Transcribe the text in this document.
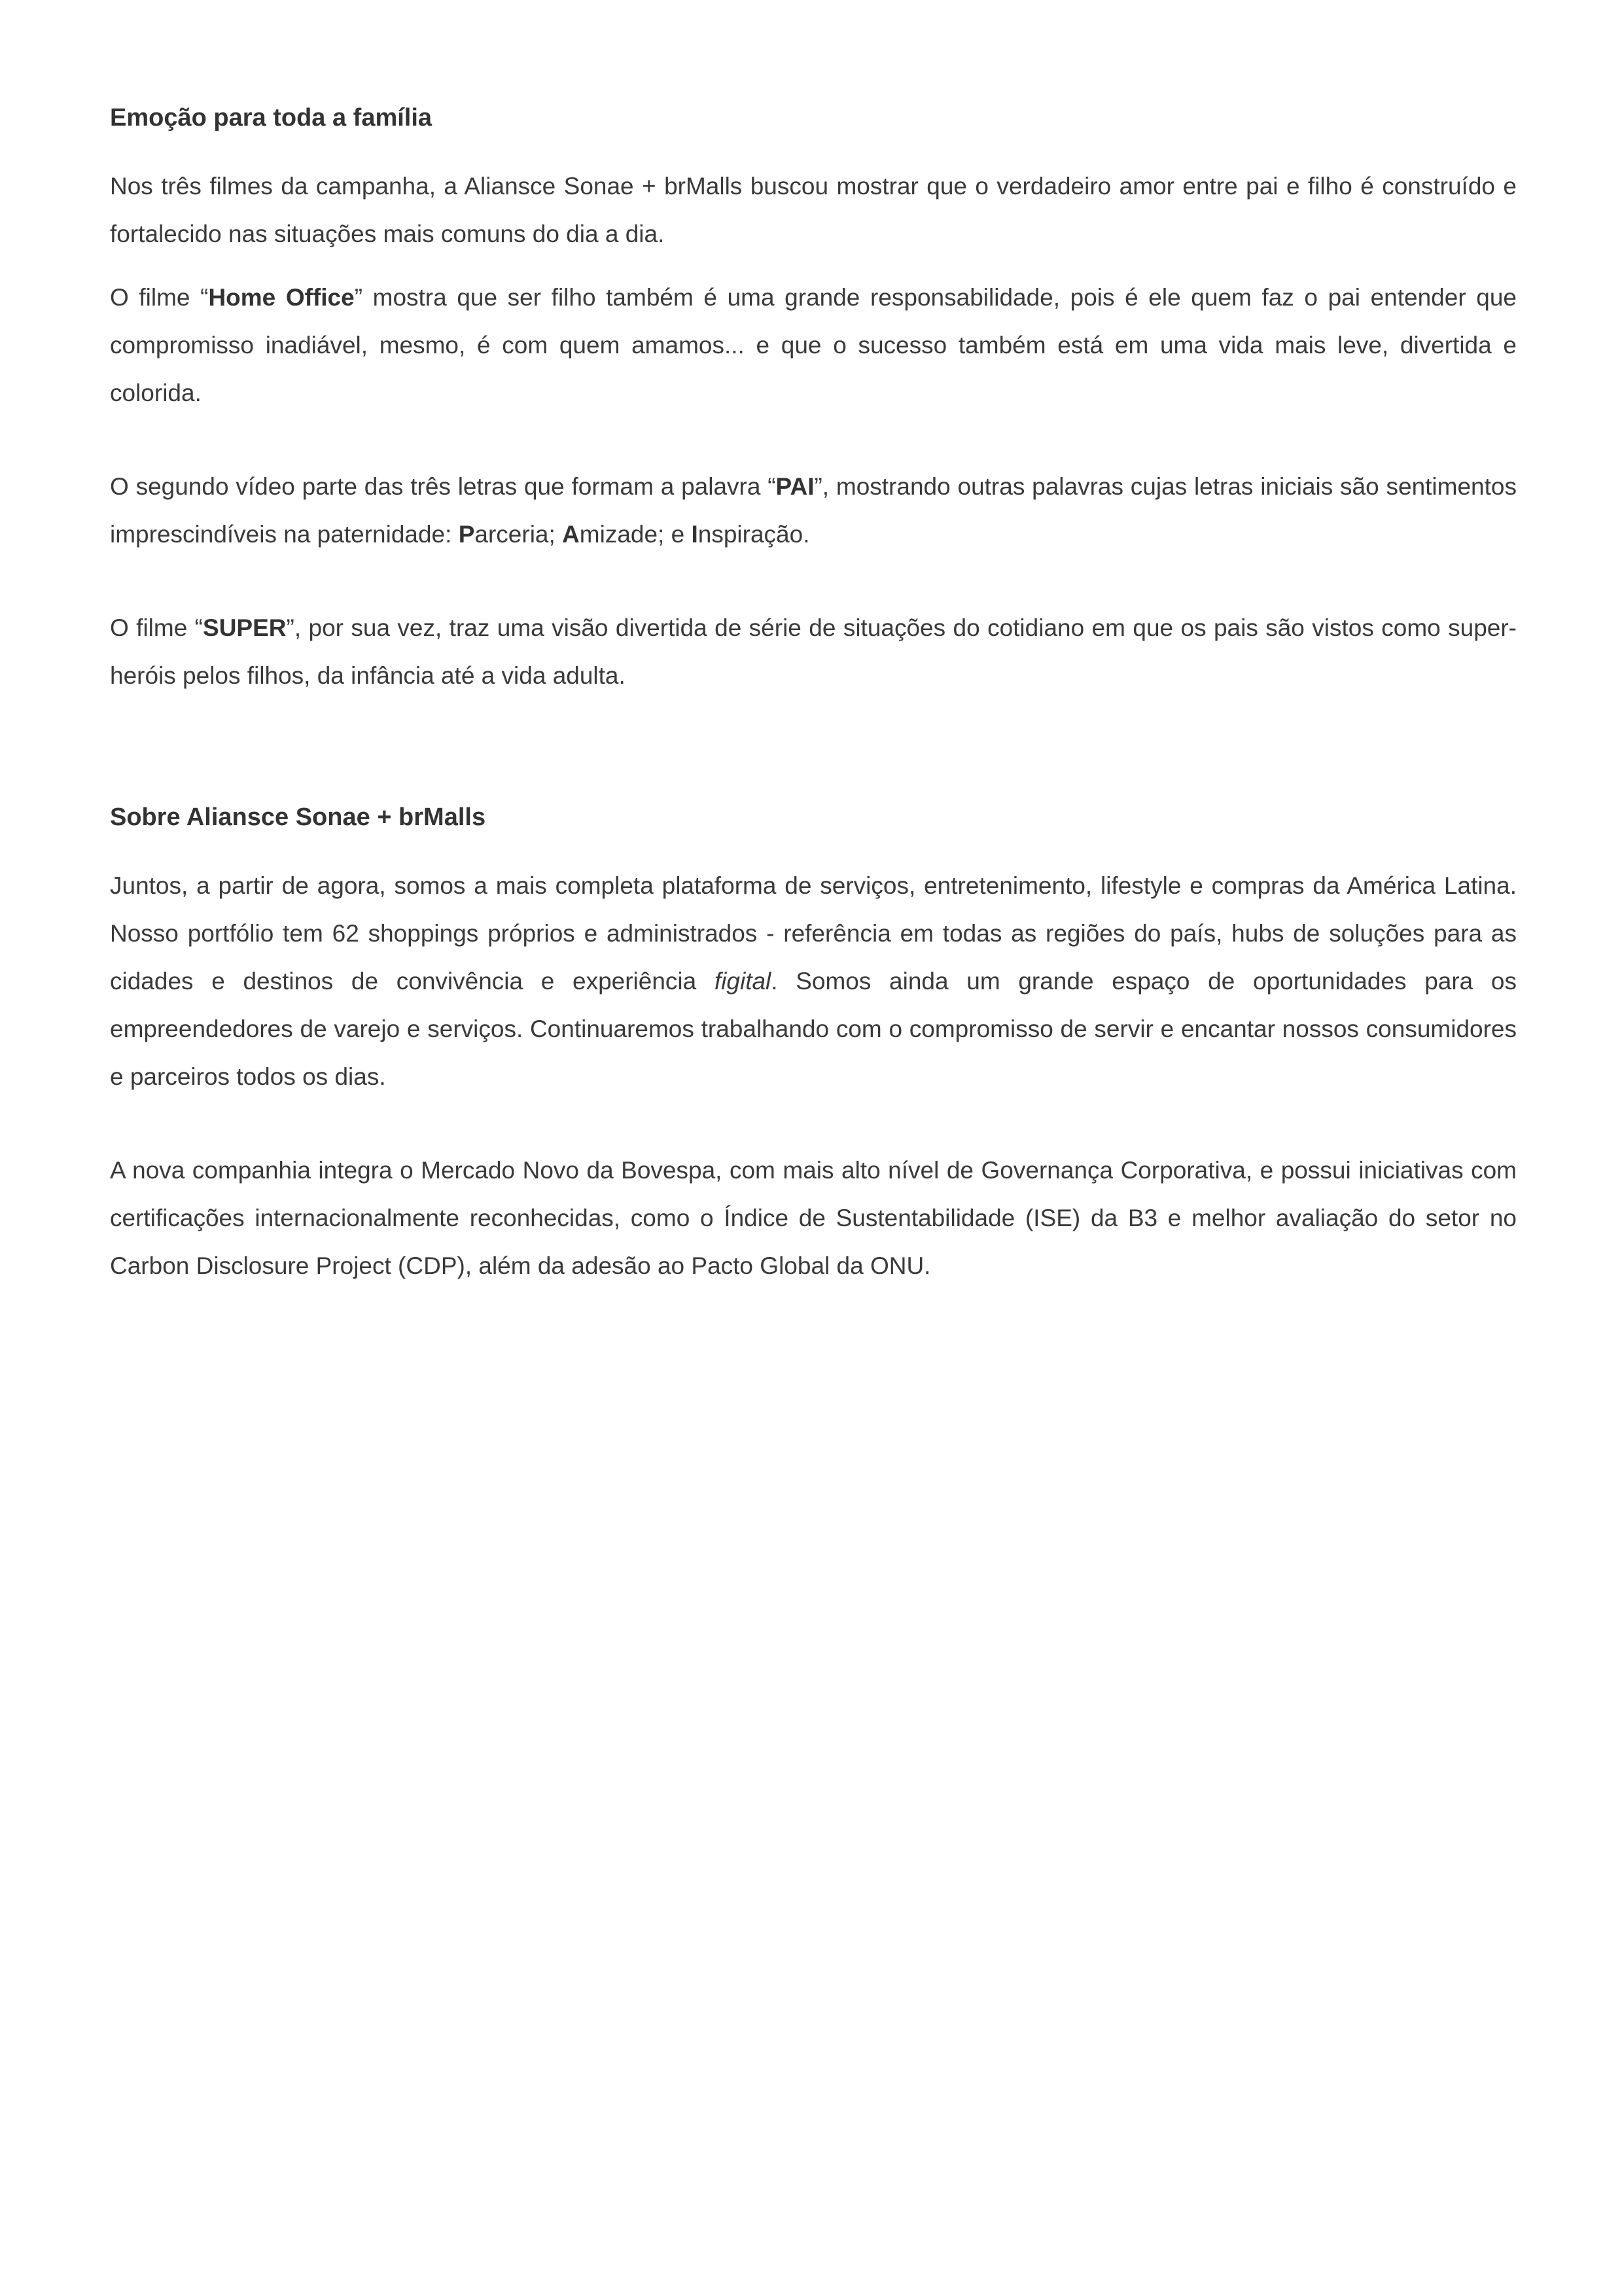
Emoção para toda a família

Nos três filmes da campanha, a Aliansce Sonae + brMalls buscou mostrar que o verdadeiro amor entre pai e filho é construído e fortalecido nas situações mais comuns do dia a dia.

O filme “Home Office” mostra que ser filho também é uma grande responsabilidade, pois é ele quem faz o pai entender que compromisso inadiável, mesmo, é com quem amamos... e que o sucesso também está em uma vida mais leve, divertida e colorida.

O segundo vídeo parte das três letras que formam a palavra “PAI”, mostrando outras palavras cujas letras iniciais são sentimentos imprescindíveis na paternidade: Parceria; Amizade; e Inspiração.

O filme “SUPER”, por sua vez, traz uma visão divertida de série de situações do cotidiano em que os pais são vistos como super-heróis pelos filhos, da infância até a vida adulta.

Sobre Aliansce Sonae + brMalls

Juntos, a partir de agora, somos a mais completa plataforma de serviços, entretenimento, lifestyle e compras da América Latina. Nosso portfólio tem 62 shoppings próprios e administrados - referência em todas as regiões do país, hubs de soluções para as cidades e destinos de convivência e experiência figital. Somos ainda um grande espaço de oportunidades para os empreendedores de varejo e serviços. Continuaremos trabalhando com o compromisso de servir e encantar nossos consumidores e parceiros todos os dias.

A nova companhia integra o Mercado Novo da Bovespa, com mais alto nível de Governança Corporativa, e possui iniciativas com certificações internacionalmente reconhecidas, como o Índice de Sustentabilidade (ISE) da B3 e melhor avaliação do setor no Carbon Disclosure Project (CDP), além da adesão ao Pacto Global da ONU.
